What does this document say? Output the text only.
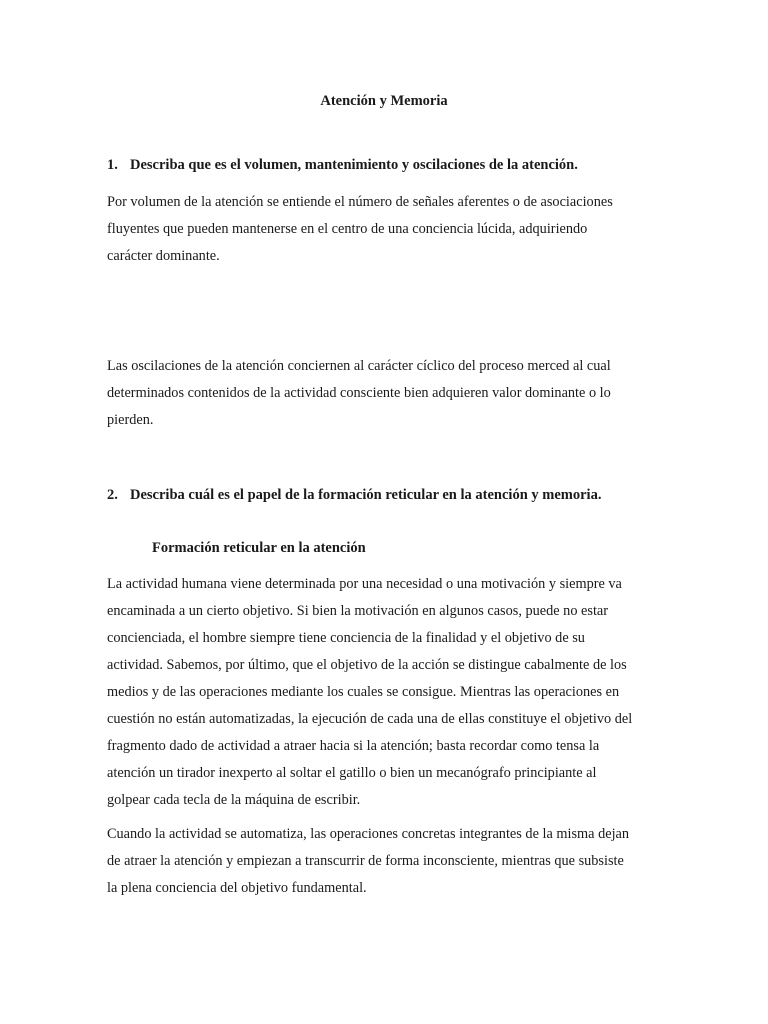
Atención y Memoria
1. Describa que es el volumen, mantenimiento y oscilaciones de la atención.
Por volumen de la atención se entiende el número de señales aferentes o de asociaciones
fluyentes que pueden mantenerse en el centro de una conciencia lúcida, adquiriendo
carácter dominante.
Las oscilaciones de la atención conciernen al carácter cíclico del proceso merced al cual
determinados contenidos de la actividad consciente bien adquieren valor dominante o lo
pierden.
2. Describa cuál es el papel de la formación reticular en la atención y memoria.
Formación reticular en la atención
La actividad humana viene determinada por una necesidad o una motivación y siempre va
encaminada a un cierto objetivo. Si bien la motivación en algunos casos, puede no estar
concienciada, el hombre siempre tiene conciencia de la finalidad y el objetivo de su
actividad. Sabemos, por último, que el objetivo de la acción se distingue cabalmente de los
medios y de las operaciones mediante los cuales se consigue. Mientras las operaciones en
cuestión no están automatizadas, la ejecución de cada una de ellas constituye el objetivo del
fragmento dado de actividad a atraer hacia si la atención; basta recordar como tensa la
atención un tirador inexperto al soltar el gatillo o bien un mecanógrafo principiante al
golpear cada tecla de la máquina de escribir.
Cuando la actividad se automatiza, las operaciones concretas integrantes de la misma dejan
de atraer la atención y empiezan a transcurrir de forma inconsciente, mientras que subsiste
la plena conciencia del objetivo fundamental.
